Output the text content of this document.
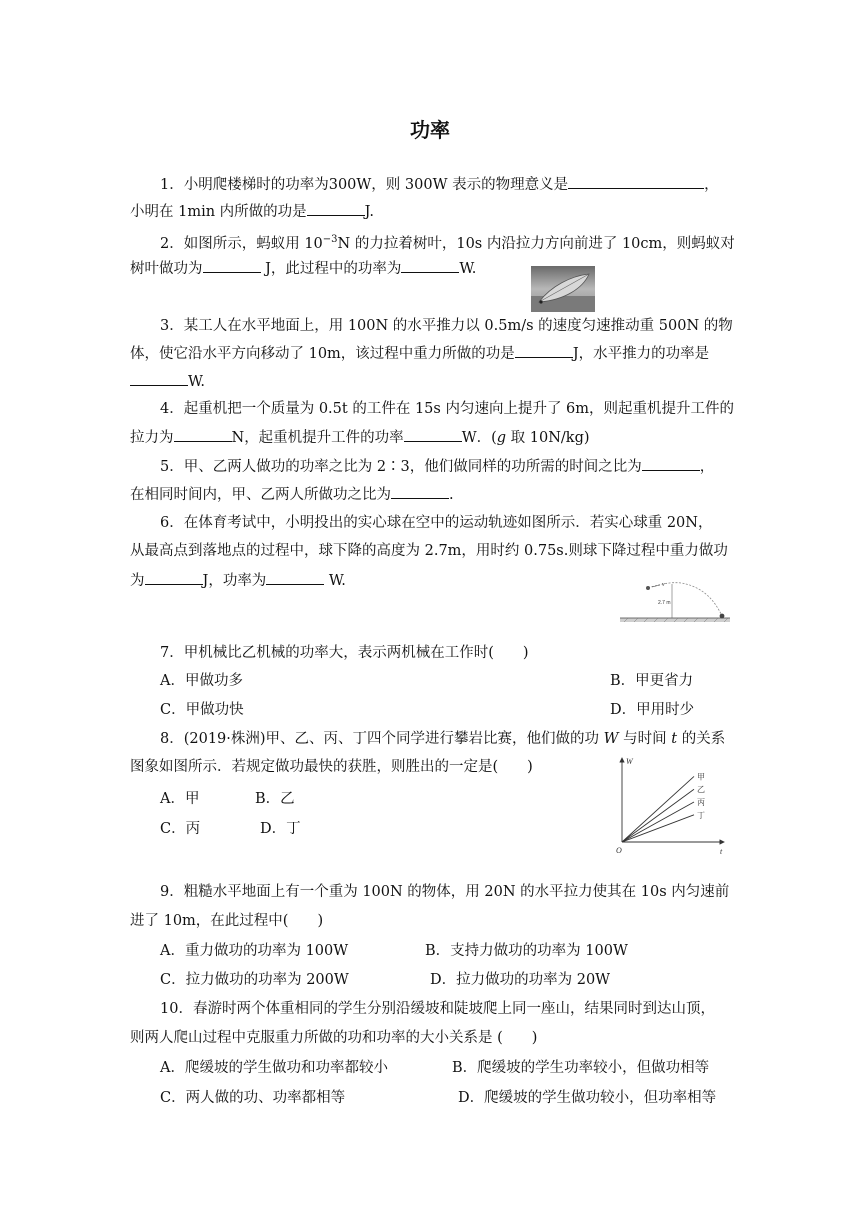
功率
1．小明爬楼梯时的功率为300W，则 300W 表示的物理意义是	，
小明在 1min 内所做的功是	J.
2．如图所示，蚂蚁用 $10^{-3}N$ 的力拉着树叶，10s 内沿拉力方向前进了 10cm，则蚂蚁对
树叶做功为	J，此过程中的功率为	W.
3．某工人在水平地面上，用 100N 的水平推力以 0.5m/s 的速度匀速推动重 500N 的物
体，使它沿水平方向移动了 10m，该过程中重力所做的功是	J，水平推力的功率是
W.
4．起重机把一个质量为 0.5t 的工件在 15s 内匀速向上提升了 6m，则起重机提升工件的
拉力为	N，起重机提升工件的功率	W．(g 取 10N/kg)
5．甲、乙两人做功的功率之比为 2∶3，他们做同样的功所需的时间之比为	，
在相同时间内，甲、乙两人所做功之比为	.
6．在体育考试中，小明投出的实心球在空中的运动轨迹如图所示．若实心球重 20N，
从最高点到落地点的过程中，球下降的高度为 2.7m，用时约 0.75s.则球下降过程中重力做功
为	J，功率为	W.	v
2.7 m
7．甲机械比乙机械的功率大，表示两机械在工作时(　　)
A．甲做功多	B．甲更省力
C．甲做功快	D．甲用时少
8．(2019·株洲)甲、乙、丙、丁四个同学进行攀岩比赛，他们做的功 W 与时间 t 的关系
图象如图所示．若规定做功最快的获胜，则胜出的一定是(　　)
A．甲	B．乙
C．丙	D．丁
W
t
O
甲
乙
丙
丁
9．粗糙水平地面上有一个重为 100N 的物体，用 20N 的水平拉力使其在 10s 内匀速前
进了 10m，在此过程中(　　)
A．重力做功的功率为 100W	B．支持力做功的功率为 100W
C．拉力做功的功率为 200W	D．拉力做功的功率为 20W
10．春游时两个体重相同的学生分别沿缓坡和陡坡爬上同一座山，结果同时到达山顶，
则两人爬山过程中克服重力所做的功和功率的大小关系是 (　　)
A．爬缓坡的学生做功和功率都较小	B．爬缓坡的学生功率较小，但做功相等
C．两人做的功、功率都相等	D．爬缓坡的学生做功较小，但功率相等
